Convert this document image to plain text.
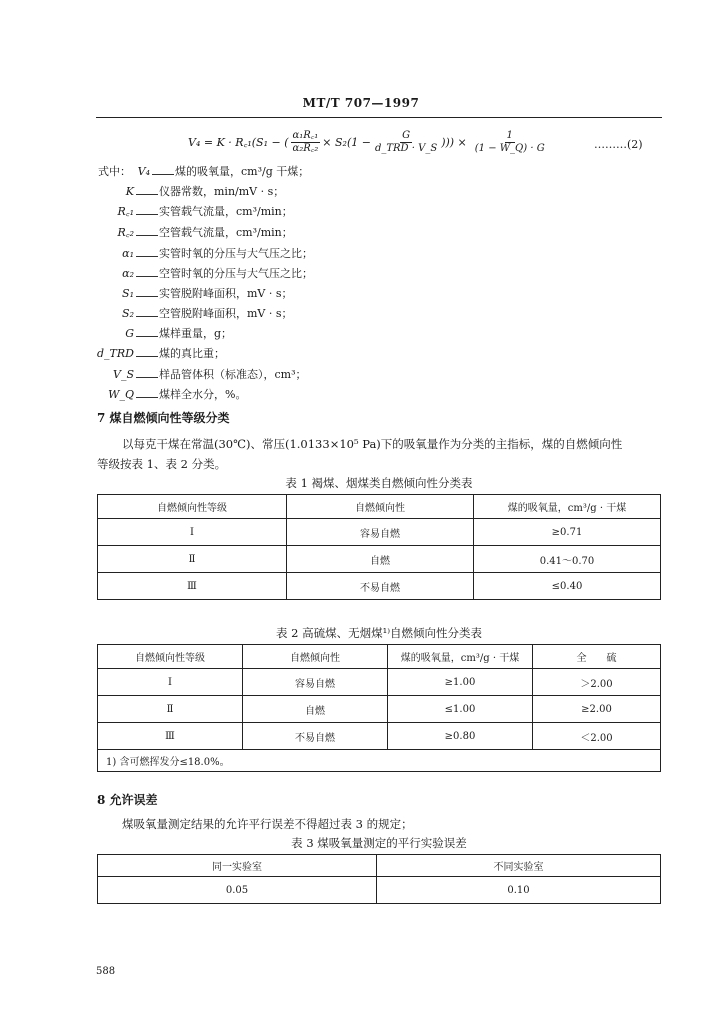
MT/T 707—1997
V₄ = K · R꜀₁(S₁ − ( $\frac{\text{α₁R꜀₁}}{\text{α₂R꜀₂}} \times S_2(1 - \frac{G}{\text{d\_TRD · V\_S}}$ ))) × $\frac{1}{(1 - W\_Q) \cdot G}$	………(2)
式中： V₄ 煤的吸氧量，cm³/g 干煤；
K 仪器常数，min/mV · s；
R꜀₁ 实管载气流量，cm³/min；
R꜀₂ 空管载气流量，cm³/min；
α₁ 实管时氧的分压与大气压之比；
α₂ 空管时氧的分压与大气压之比；
S₁ 实管脱附峰面积，mV · s；
S₂ 空管脱附峰面积，mV · s；
G 煤样重量，g；
d_TRD 煤的真比重；
V_S 样品管体积（标准态），cm³；
W_Q 煤样全水分，%。
7 煤自燃倾向性等级分类
以每克干煤在常温(30℃)、常压(1.0133×10⁵ Pa)下的吸氧量作为分类的主指标，煤的自燃倾向性
等级按表 1、表 2 分类。
表 1 褐煤、烟煤类自燃倾向性分类表
自燃倾向性等级	自燃倾向性	煤的吸氧量，cm³/g · 干煤
Ⅰ	容易自燃	≥0.71
Ⅱ	自燃	0.41～0.70
Ⅲ	不易自燃	≤0.40
表 2 高硫煤、无烟煤¹⁾自燃倾向性分类表
自燃倾向性等级	自燃倾向性	煤的吸氧量，cm³/g · 干煤	全　　硫
Ⅰ	容易自燃	≥1.00	＞2.00
Ⅱ	自燃	≤1.00	≥2.00
Ⅲ	不易自燃	≥0.80	＜2.00
1) 含可燃挥发分≤18.0%。			
8 允许误差
煤吸氧量测定结果的允许平行误差不得超过表 3 的规定；
表 3 煤吸氧量测定的平行实验误差
同一实验室	不同实验室
0.05	0.10
588
